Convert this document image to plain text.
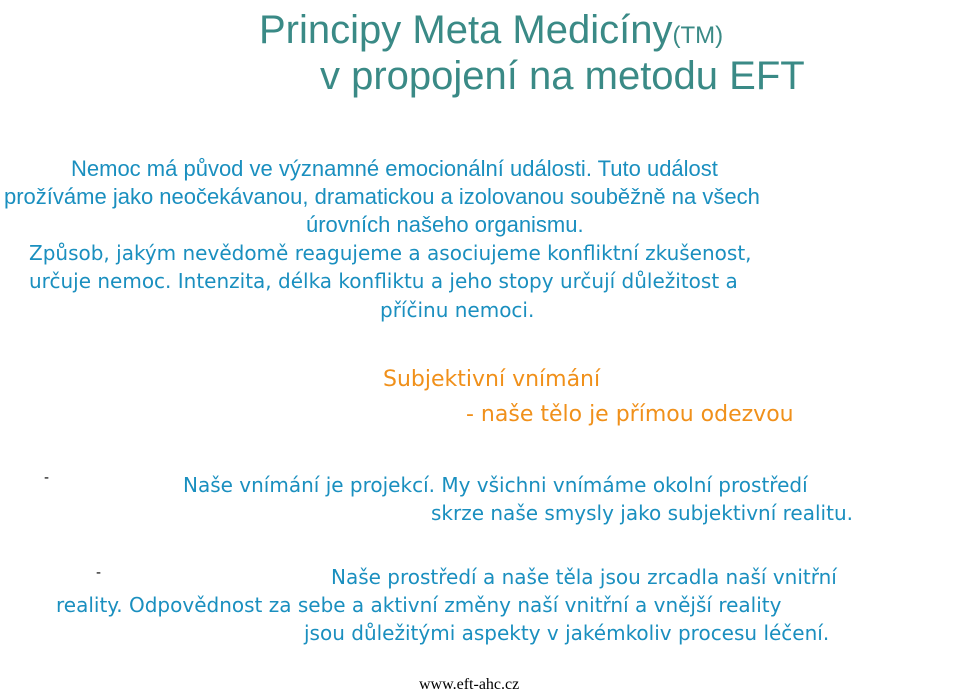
Principy Meta Medicíny(TM)
v propojení na metodu EFT
Nemoc má původ ve významné emocionální události. Tuto událost
prožíváme jako neočekávanou, dramatickou a izolovanou souběžně na všech
úrovních našeho organismu.
Způsob, jakým nevědomě reagujeme a asociujeme konfliktní zkušenost,
určuje nemoc. Intenzita, délka konfliktu a jeho stopy určují důležitost a
příčinu nemoci.
Subjektivní vnímání
- naše tělo je přímou odezvou
-	Naše vnímání je projekcí. My všichni vnímáme okolní prostředí
skrze naše smysly jako subjektivní realitu.
-	Naše prostředí a naše těla jsou zrcadla naší vnitřní
reality. Odpovědnost za sebe a aktivní změny naší vnitřní a vnější reality
jsou důležitými aspekty v jakémkoliv procesu léčení.
www.eft-ahc.cz
